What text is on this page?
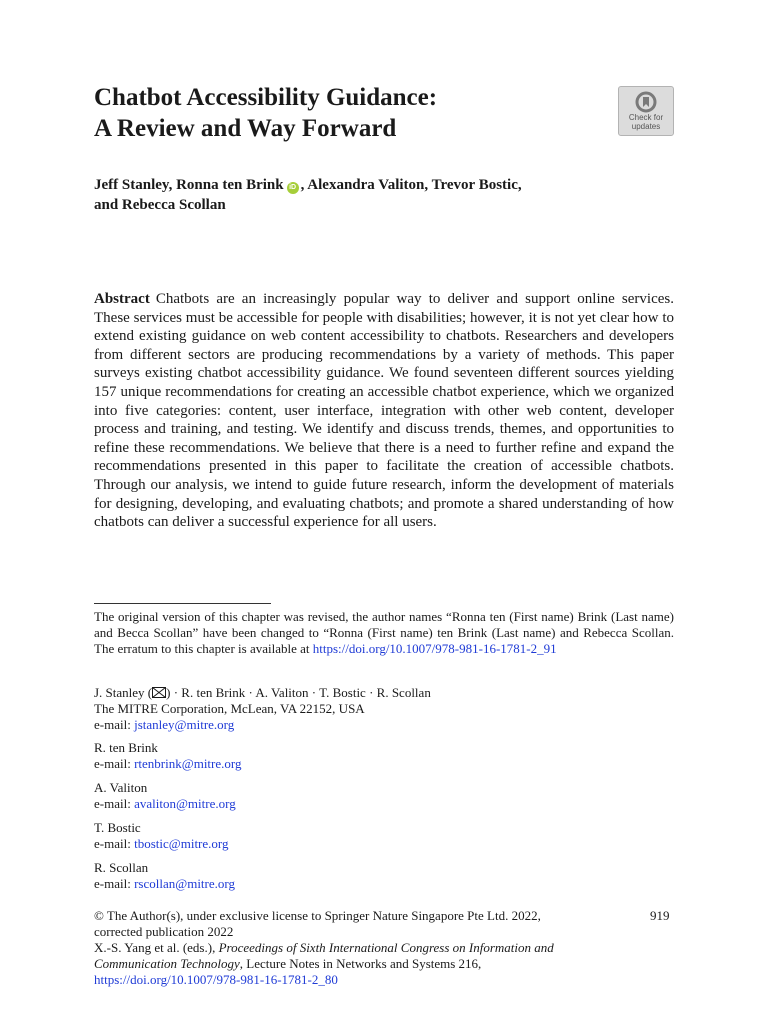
Chatbot Accessibility Guidance:
A Review and Way Forward	Check for
updates
Jeff Stanley, Ronna ten Brink iD , Alexandra Valiton, Trevor Bostic,
and Rebecca Scollan

Abstract Chatbots are an increasingly popular way to deliver and support online services. These services must be accessible for people with disabilities; however, it is not yet clear how to extend existing guidance on web content accessibility to chatbots. Researchers and developers from different sectors are producing recommendations by a variety of methods. This paper surveys existing chatbot accessibility guidance. We found seventeen different sources yielding 157 unique recommendations for creating an accessible chatbot experience, which we organized into five categories: content, user interface, integration with other web content, developer process and training, and testing. We identify and discuss trends, themes, and opportunities to refine these recommendations. We believe that there is a need to further refine and expand the recommendations presented in this paper to facilitate the creation of accessible chatbots. Through our analysis, we intend to guide future research, inform the development of materials for designing, developing, and evaluating chatbots; and promote a shared understanding of how chatbots can deliver a successful experience for all users.

The original version of this chapter was revised, the author names “Ronna ten (First name) Brink (Last name) and Becca Scollan” have been changed to “Ronna (First name) ten Brink (Last name) and Rebecca Scollan. The erratum to this chapter is available at https://doi.org/10.1007/978-981-16-1781-2_91

J. Stanley ( ) · R. ten Brink · A. Valiton · T. Bostic · R. Scollan
The MITRE Corporation, McLean, VA 22152, USA
e-mail: jstanley@mitre.org
R. ten Brink
e-mail: rtenbrink@mitre.org
A. Valiton
e-mail: avaliton@mitre.org
T. Bostic
e-mail: tbostic@mitre.org
R. Scollan
e-mail: rscollan@mitre.org
© The Author(s), under exclusive license to Springer Nature Singapore Pte Ltd. 2022,
corrected publication 2022
X.-S. Yang et al. (eds.), Proceedings of Sixth International Congress on Information and Communication Technology, Lecture Notes in Networks and Systems 216,
https://doi.org/10.1007/978-981-16-1781-2_80
919
